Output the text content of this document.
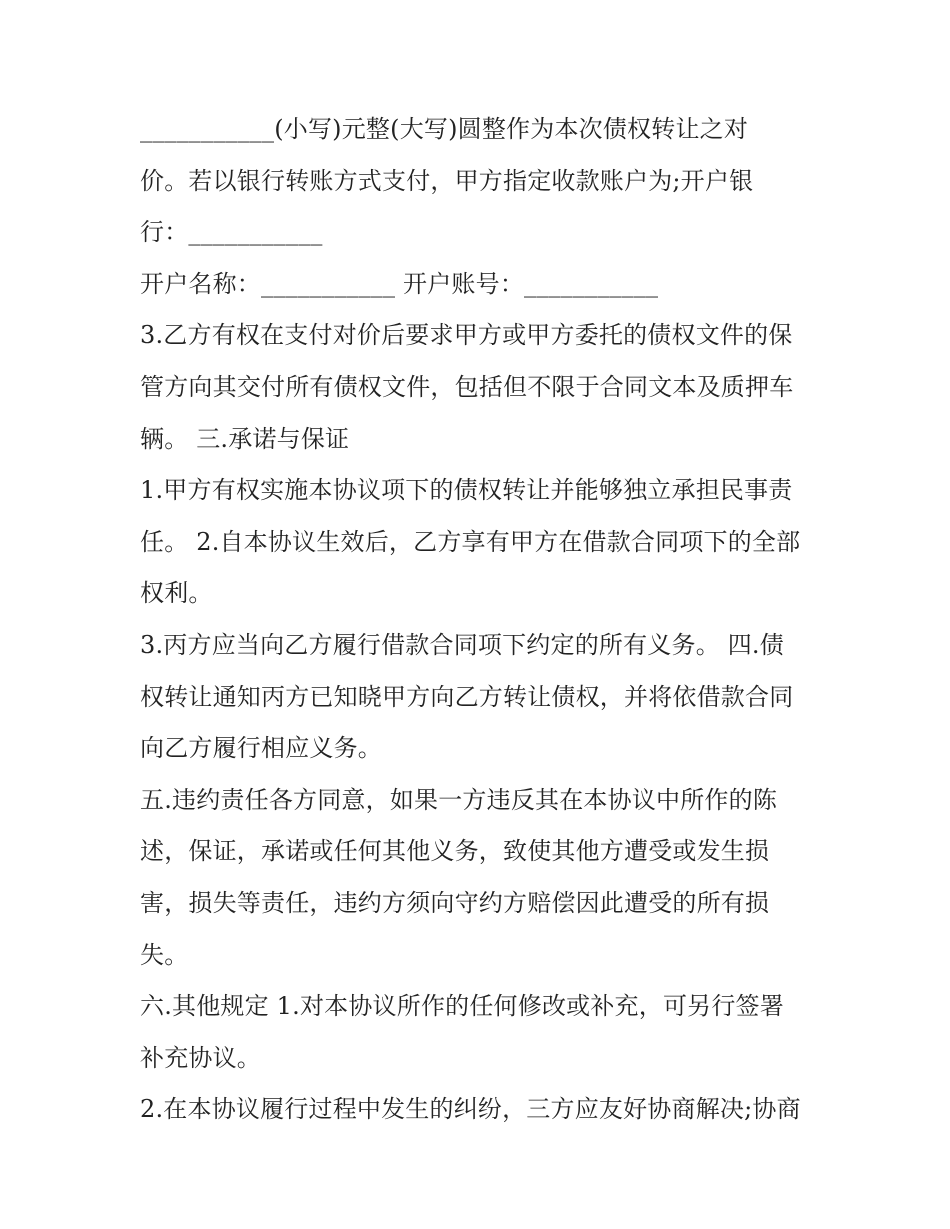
___________(小写)元整(大写)圆整作为本次债权转让之对
价。若以银行转账方式支付，甲方指定收款账户为;开户银
行：___________
开户名称：___________ 开户账号：___________
3.乙方有权在支付对价后要求甲方或甲方委托的债权文件的保
管方向其交付所有债权文件，包括但不限于合同文本及质押车
辆。 三.承诺与保证
1.甲方有权实施本协议项下的债权转让并能够独立承担民事责
任。 2.自本协议生效后，乙方享有甲方在借款合同项下的全部
权利。
3.丙方应当向乙方履行借款合同项下约定的所有义务。 四.债
权转让通知丙方已知晓甲方向乙方转让债权，并将依借款合同
向乙方履行相应义务。
五.违约责任各方同意，如果一方违反其在本协议中所作的陈
述，保证，承诺或任何其他义务，致使其他方遭受或发生损
害，损失等责任，违约方须向守约方赔偿因此遭受的所有损
失。
六.其他规定 1.对本协议所作的任何修改或补充，可另行签署
补充协议。
2.在本协议履行过程中发生的纠纷，三方应友好协商解决;协商
